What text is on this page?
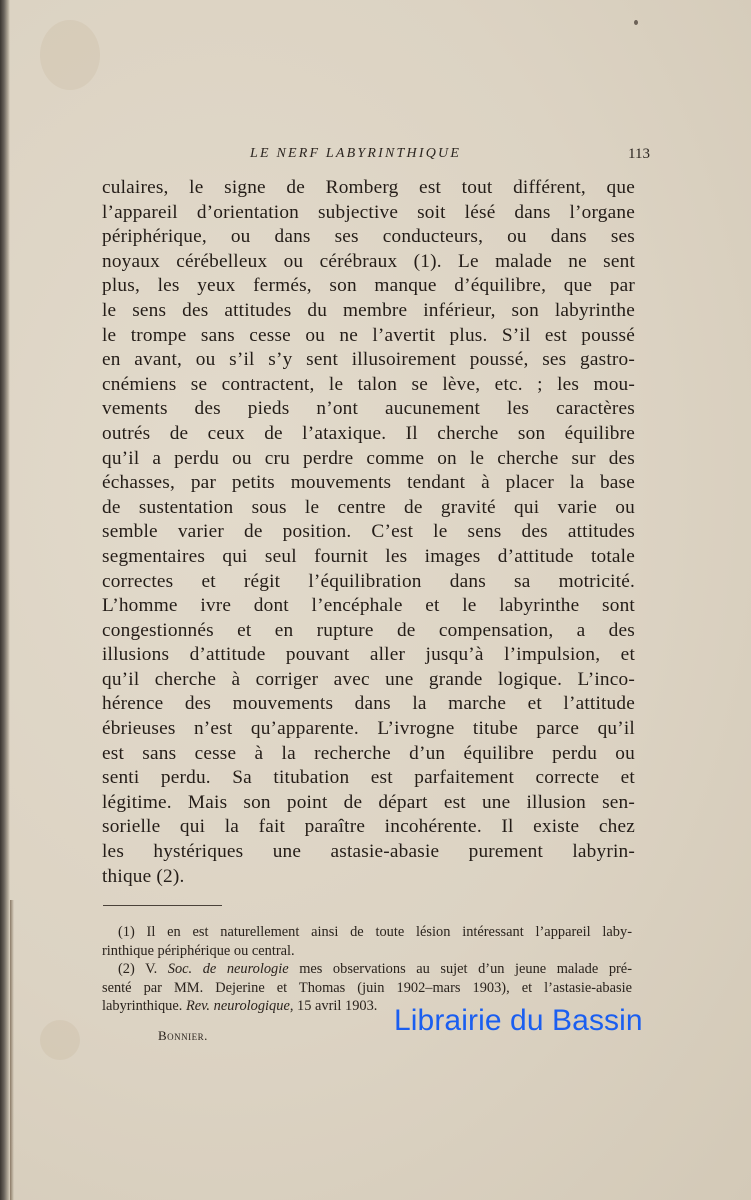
LE NERF LABYRINTHIQUE	113
culaires, le signe de Romberg est tout différent, que
l’appareil d’orientation subjective soit lésé dans l’organe
périphérique, ou dans ses conducteurs, ou dans ses
noyaux cérébelleux ou cérébraux (1). Le malade ne sent
plus, les yeux fermés, son manque d’équilibre, que par
le sens des attitudes du membre inférieur, son labyrinthe
le trompe sans cesse ou ne l’avertit plus. S’il est poussé
en avant, ou s’il s’y sent illusoirement poussé, ses gastro-
cnémiens se contractent, le talon se lève, etc. ; les mou-
vements des pieds n’ont aucunement les caractères
outrés de ceux de l’ataxique. Il cherche son équilibre
qu’il a perdu ou cru perdre comme on le cherche sur des
échasses, par petits mouvements tendant à placer la base
de sustentation sous le centre de gravité qui varie ou
semble varier de position. C’est le sens des attitudes
segmentaires qui seul fournit les images d’attitude totale
correctes et régit l’équilibration dans sa motricité.
L’homme ivre dont l’encéphale et le labyrinthe sont
congestionnés et en rupture de compensation, a des
illusions d’attitude pouvant aller jusqu’à l’impulsion, et
qu’il cherche à corriger avec une grande logique. L’inco-
hérence des mouvements dans la marche et l’attitude
ébrieuses n’est qu’apparente. L’ivrogne titube parce qu’il
est sans cesse à la recherche d’un équilibre perdu ou
senti perdu. Sa titubation est parfaitement correcte et
légitime. Mais son point de départ est une illusion sen-
sorielle qui la fait paraître incohérente. Il existe chez
les hystériques une astasie-abasie purement labyrin-
thique (2).
(1) Il en est naturellement ainsi de toute lésion intéressant l’appareil laby-
rinthique périphérique ou central.
(2) V. Soc. de neurologie mes observations au sujet d’un jeune malade pré-
senté par MM. Dejerine et Thomas (juin 1902–mars 1903), et l’astasie-abasie
labyrinthique. Rev. neurologique, 15 avril 1903.
Bonnier.	Librairie du Bassin
